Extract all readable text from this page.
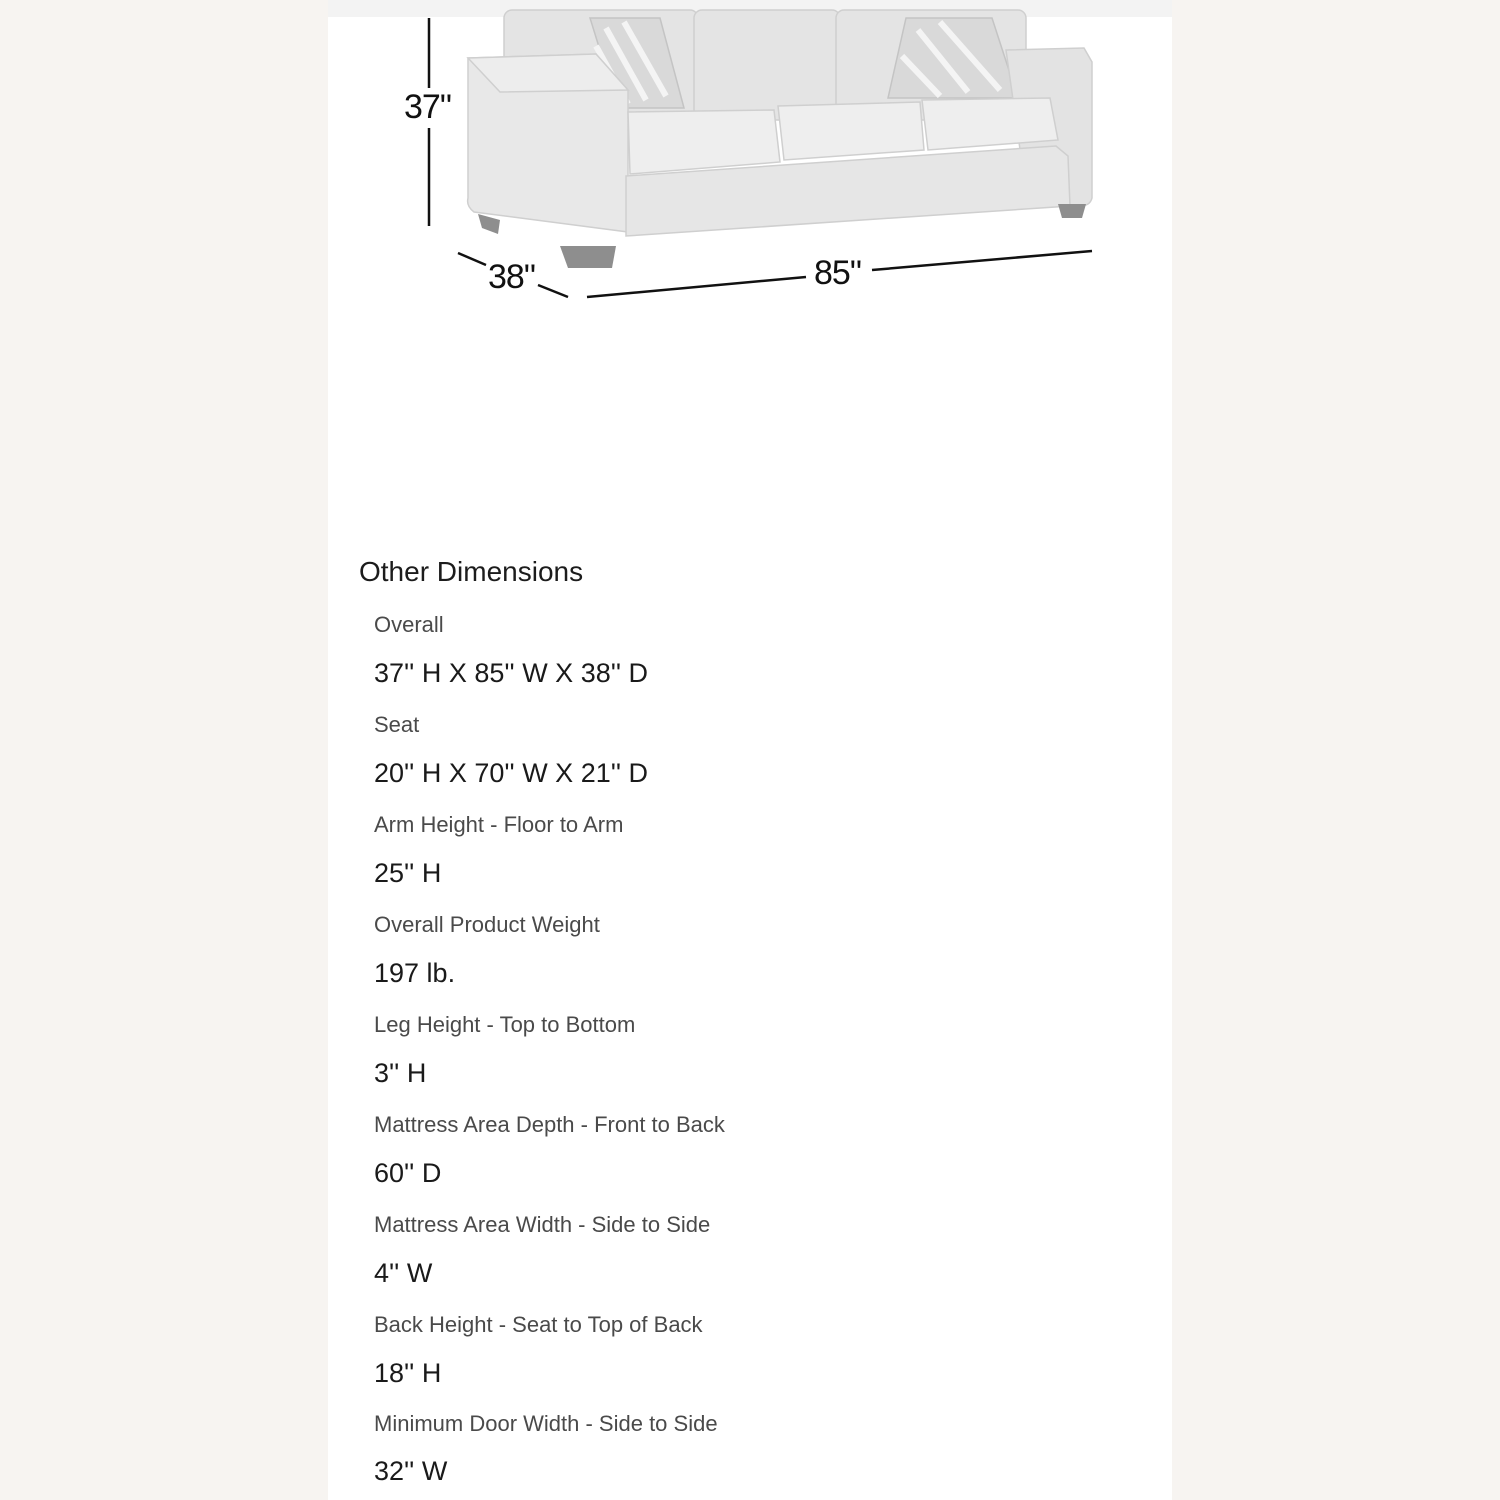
37"
38"	85"
Other Dimensions

Overall

37'' H X 85'' W X 38'' D

Seat

20'' H X 70'' W X 21'' D

Arm Height - Floor to Arm

25'' H

Overall Product Weight

197 lb.

Leg Height - Top to Bottom

3'' H

Mattress Area Depth - Front to Back

60'' D

Mattress Area Width - Side to Side

4'' W

Back Height - Seat to Top of Back

18'' H

Minimum Door Width - Side to Side

32'' W
